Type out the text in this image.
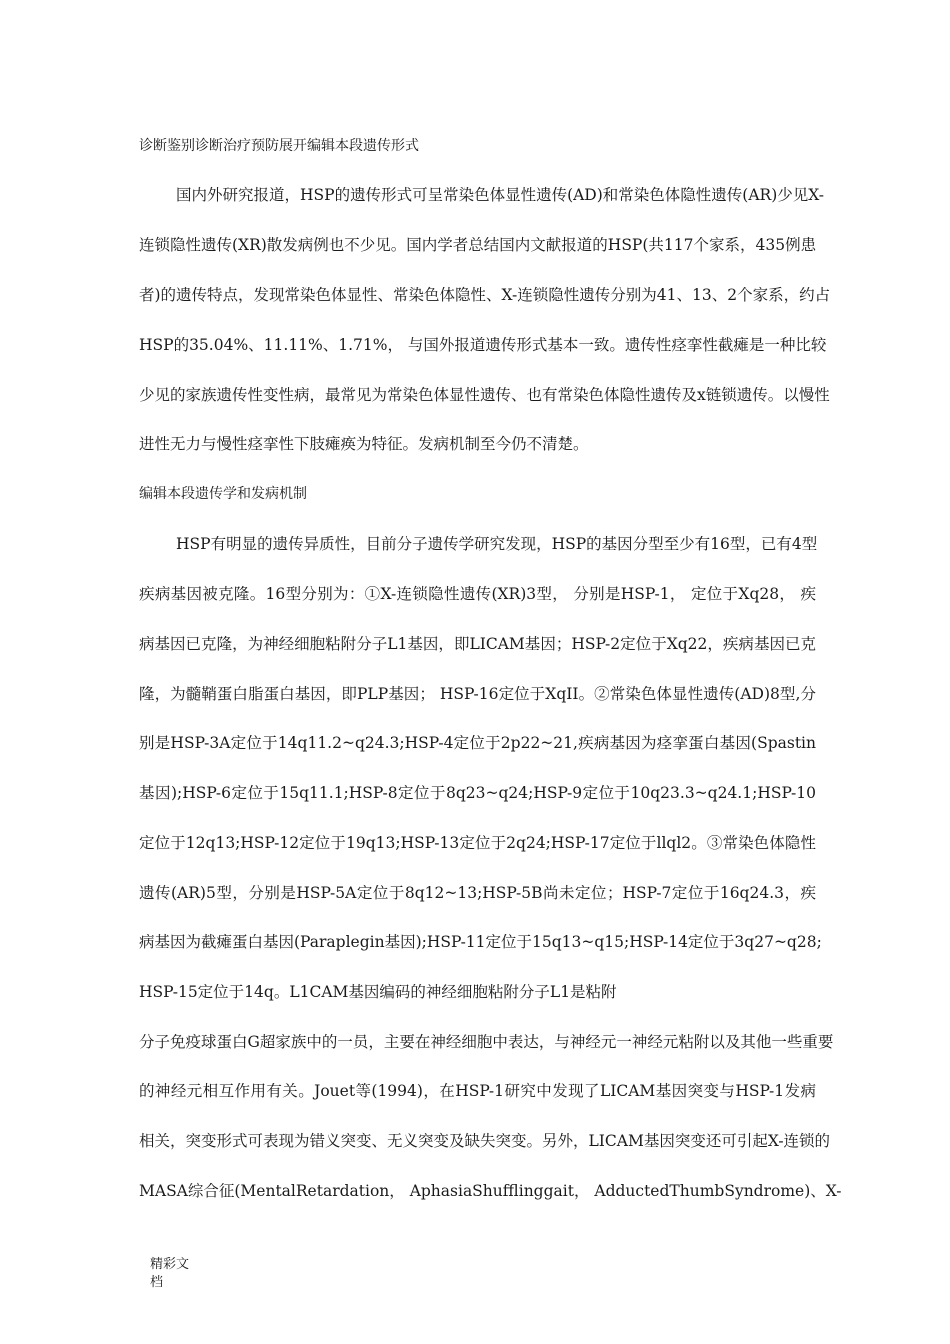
诊断鉴别诊断治疗预防展开编辑本段遗传形式
国内外研究报道，HSP的遗传形式可呈常染色体显性遗传(AD)和常染色体隐性遗传(AR)少见X-
连锁隐性遗传(XR)散发病例也不少见。国内学者总结国内文献报道的HSP(共117个家系，435例患
者)的遗传特点，发现常染色体显性、常染色体隐性、X-连锁隐性遗传分别为41、13、2个家系，约占
HSP的35.04%、11.11%、1.71%， 与国外报道遗传形式基本一致。遗传性痉挛性截瘫是一种比较
少见的家族遗传性变性病，最常见为常染色体显性遗传、也有常染色体隐性遗传及x链锁遗传。以慢性
进性无力与慢性痉挛性下肢瘫痪为特征。发病机制至今仍不清楚。
编辑本段遗传学和发病机制
HSP有明显的遗传异质性，目前分子遗传学研究发现，HSP的基因分型至少有16型，已有4型
疾病基因被克隆。16型分别为：①X-连锁隐性遗传(XR)3型， 分别是HSP-1， 定位于Xq28， 疾
病基因已克隆，为神经细胞粘附分子L1基因，即LICAM基因；HSP-2定位于Xq22，疾病基因已克
隆，为髓鞘蛋白脂蛋白基因，即PLP基因； HSP-16定位于XqII。②常染色体显性遗传(AD)8型,分
别是HSP-3A定位于14q11.2~q24.3;HSP-4定位于2p22~21,疾病基因为痉挛蛋白基因(Spastin
基因);HSP-6定位于15q11.1;HSP-8定位于8q23~q24;HSP-9定位于10q23.3~q24.1;HSP-10
定位于12q13;HSP-12定位于19q13;HSP-13定位于2q24;HSP-17定位于llql2。③常染色体隐性
遗传(AR)5型，分别是HSP-5A定位于8q12~13;HSP-5B尚未定位；HSP-7定位于16q24.3，疾
病基因为截瘫蛋白基因(Paraplegin基因);HSP-11定位于15q13~q15;HSP-14定位于3q27~q28;
HSP-15定位于14q。L1CAM基因编码的神经细胞粘附分子L1是粘附
分子免疫球蛋白G超家族中的一员，主要在神经细胞中表达，与神经元一神经元粘附以及其他一些重要
的神经元相互作用有关。Jouet等(1994)，在HSP-1研究中发现了LICAM基因突变与HSP-1发病
相关，突变形式可表现为错义突变、无义突变及缺失突变。另外，LICAM基因突变还可引起X-连锁的
MASA综合征(MentalRetardation， AphasiaShufflinggait， AdductedThumbSyndrome)、X-
精彩文
档
